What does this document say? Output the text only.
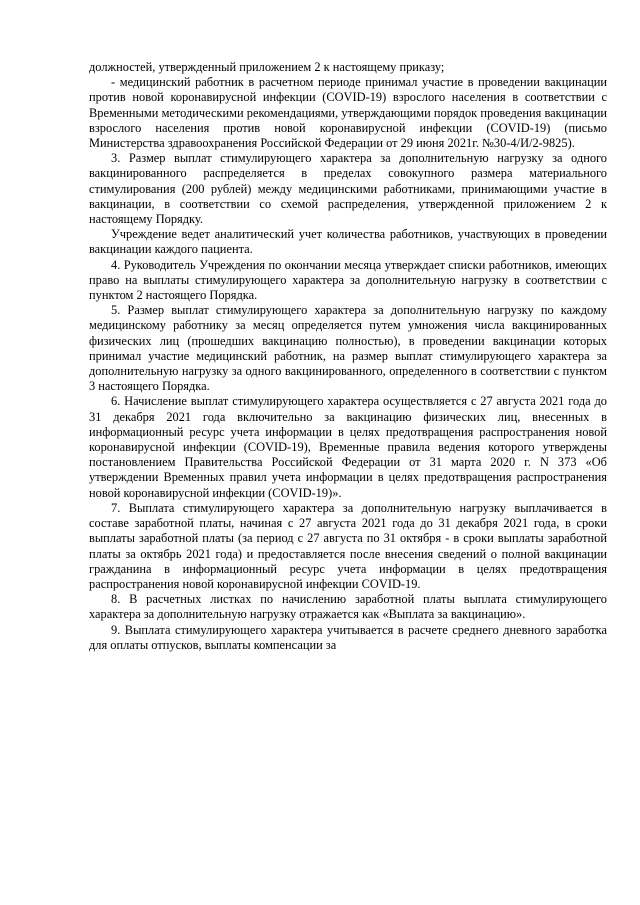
должностей, утвержденный приложением 2 к настоящему приказу;

- медицинский работник в расчетном периоде принимал участие в проведении вакцинации против новой коронавирусной инфекции (COVID-19) взрослого населения в соответствии с Временными методическими рекомендациями, утверждающими порядок проведения вакцинации взрослого населения против новой коронавирусной инфекции (COVID-19) (письмо Министерства здравоохранения Российской Федерации от 29 июня 2021г. №30-4/И/2-9825).

3. Размер выплат стимулирующего характера за дополнительную нагрузку за одного вакцинированного распределяется в пределах совокупного размера материального стимулирования (200 рублей) между медицинскими работниками, принимающими участие в вакцинации, в соответствии со схемой распределения, утвержденной приложением 2 к настоящему Порядку.

Учреждение ведет аналитический учет количества работников, участвующих в проведении вакцинации каждого пациента.

4. Руководитель Учреждения по окончании месяца утверждает списки работников, имеющих право на выплаты стимулирующего характера за дополнительную нагрузку в соответствии с пунктом 2 настоящего Порядка.

5. Размер выплат стимулирующего характера за дополнительную нагрузку по каждому медицинскому работнику за месяц определяется путем умножения числа вакцинированных физических лиц (прошедших вакцинацию полностью), в проведении вакцинации которых принимал участие медицинский работник, на размер выплат стимулирующего характера за дополнительную нагрузку за одного вакцинированного, определенного в соответствии с пунктом 3 настоящего Порядка.

6. Начисление выплат стимулирующего характера осуществляется с 27 августа 2021 года до 31 декабря 2021 года включительно за вакцинацию физических лиц, внесенных в информационный ресурс учета информации в целях предотвращения распространения новой коронавирусной инфекции (COVID-19), Временные правила ведения которого утверждены постановлением Правительства Российской Федерации от 31 марта 2020 г. N 373 «Об утверждении Временных правил учета информации в целях предотвращения распространения новой коронавирусной инфекции (COVID-19)».

7. Выплата стимулирующего характера за дополнительную нагрузку выплачивается в составе заработной платы, начиная с 27 августа 2021 года до 31 декабря 2021 года, в сроки выплаты заработной платы (за период с 27 августа по 31 октября - в сроки выплаты заработной платы за октябрь 2021 года) и предоставляется после внесения сведений о полной вакцинации гражданина в информационный ресурс учета информации в целях предотвращения распространения новой коронавирусной инфекции COVID-19.

8. В расчетных листках по начислению заработной платы выплата стимулирующего характера за дополнительную нагрузку отражается как «Выплата за вакцинацию».

9. Выплата стимулирующего характера учитывается в расчете среднего дневного заработка для оплаты отпусков, выплаты компенсации за
